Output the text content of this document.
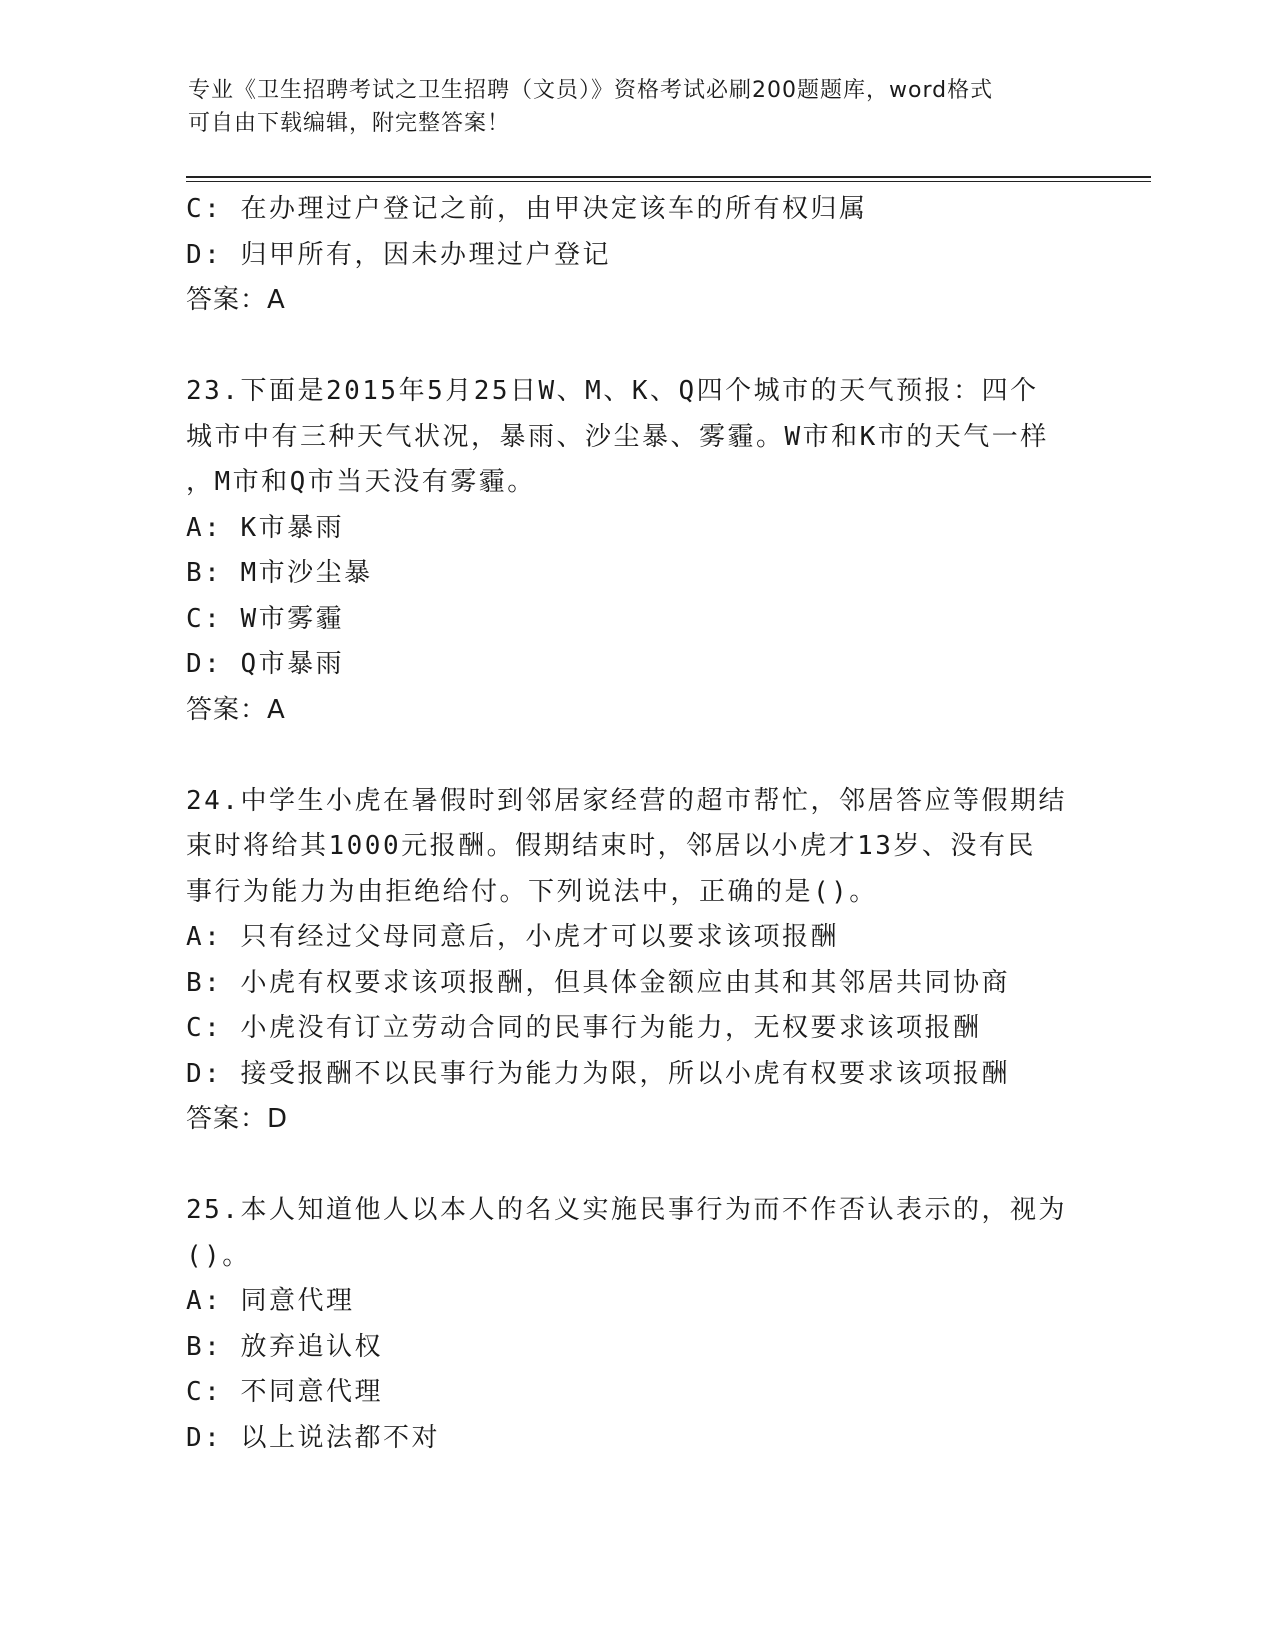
专业《卫生招聘考试之卫生招聘（文员）》资格考试必刷200题题库，word格式
可自由下载编辑，附完整答案！
C: 在办理过户登记之前，由甲决定该车的所有权归属
D: 归甲所有，因未办理过户登记
答案：A
23.下面是2015年5月25日W、M、K、Q四个城市的天气预报：四个
城市中有三种天气状况，暴雨、沙尘暴、雾霾。W市和K市的天气一样
，M市和Q市当天没有雾霾。
A: K市暴雨
B: M市沙尘暴
C: W市雾霾
D: Q市暴雨
答案：A
24.中学生小虎在暑假时到邻居家经营的超市帮忙，邻居答应等假期结
束时将给其1000元报酬。假期结束时，邻居以小虎才13岁、没有民
事行为能力为由拒绝给付。下列说法中，正确的是()。
A: 只有经过父母同意后，小虎才可以要求该项报酬
B: 小虎有权要求该项报酬，但具体金额应由其和其邻居共同协商
C: 小虎没有订立劳动合同的民事行为能力，无权要求该项报酬
D: 接受报酬不以民事行为能力为限，所以小虎有权要求该项报酬
答案：D
25.本人知道他人以本人的名义实施民事行为而不作否认表示的，视为
()。
A: 同意代理
B: 放弃追认权
C: 不同意代理
D: 以上说法都不对
